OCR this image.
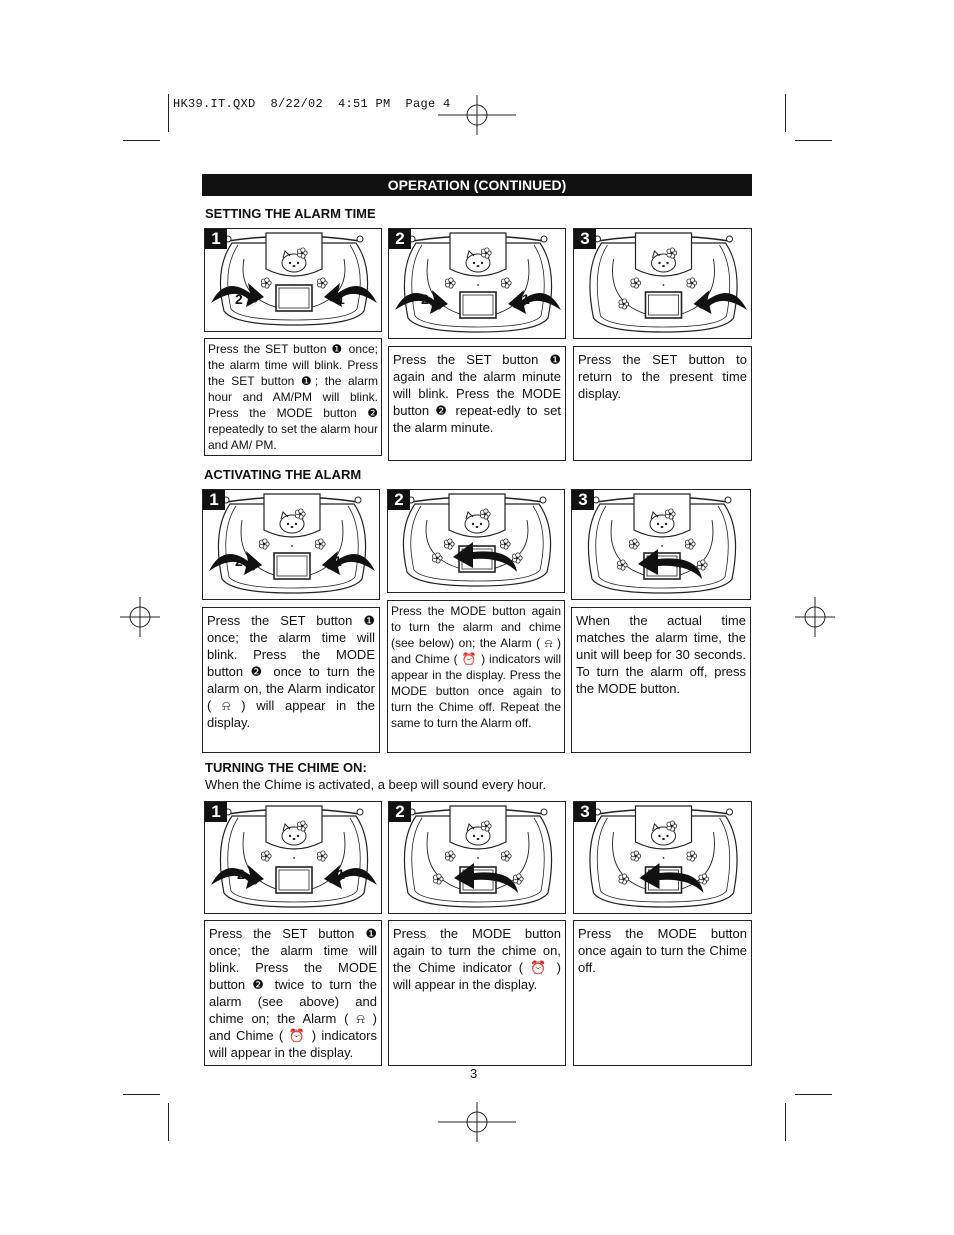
HK39.IT.QXD  8/22/02  4:51 PM  Page 4
OPERATION (CONTINUED)
SETTING THE ALARM TIME
1
2	1
2
2	1
3
Press the SET button ❶ once; the alarm time will blink. Press the SET button ❶; the alarm hour and AM/PM will blink. Press the MODE button ❷ repeatedly to set the alarm hour and AM/ PM.
Press the SET button ❶ again and the alarm minute will blink. Press the MODE button ❷ repeat-edly to set the alarm minute.
Press the SET button to return to the present time display.
ACTIVATING THE ALARM
1
2	1
2	3
Press the SET button ❶ once; the alarm time will blink. Press the MODE button ❷ once to turn the alarm on, the Alarm indicator ( ⍾ ) will appear in the display.
Press the MODE button again to turn the alarm and chime (see below) on; the Alarm ( ⍾ ) and Chime ( ⏰ ) indicators will appear in the display. Press the MODE button once again to turn the Chime off. Repeat the same to turn the Alarm off.
When the actual time matches the alarm time, the unit will beep for 30 seconds. To turn the alarm off, press the MODE button.
TURNING THE CHIME ON:
When the Chime is activated, a beep will sound every hour.
1
2	1
2	3
Press the SET button ❶ once; the alarm time will blink. Press the MODE button ❷ twice to turn the alarm (see above) and chime on; the Alarm ( ⍾ ) and Chime ( ⏰ ) indicators will appear in the display.
Press the MODE button again to turn the chime on, the Chime indicator ( ⏰ ) will appear in the display.
Press the MODE button once again to turn the Chime off.
3
